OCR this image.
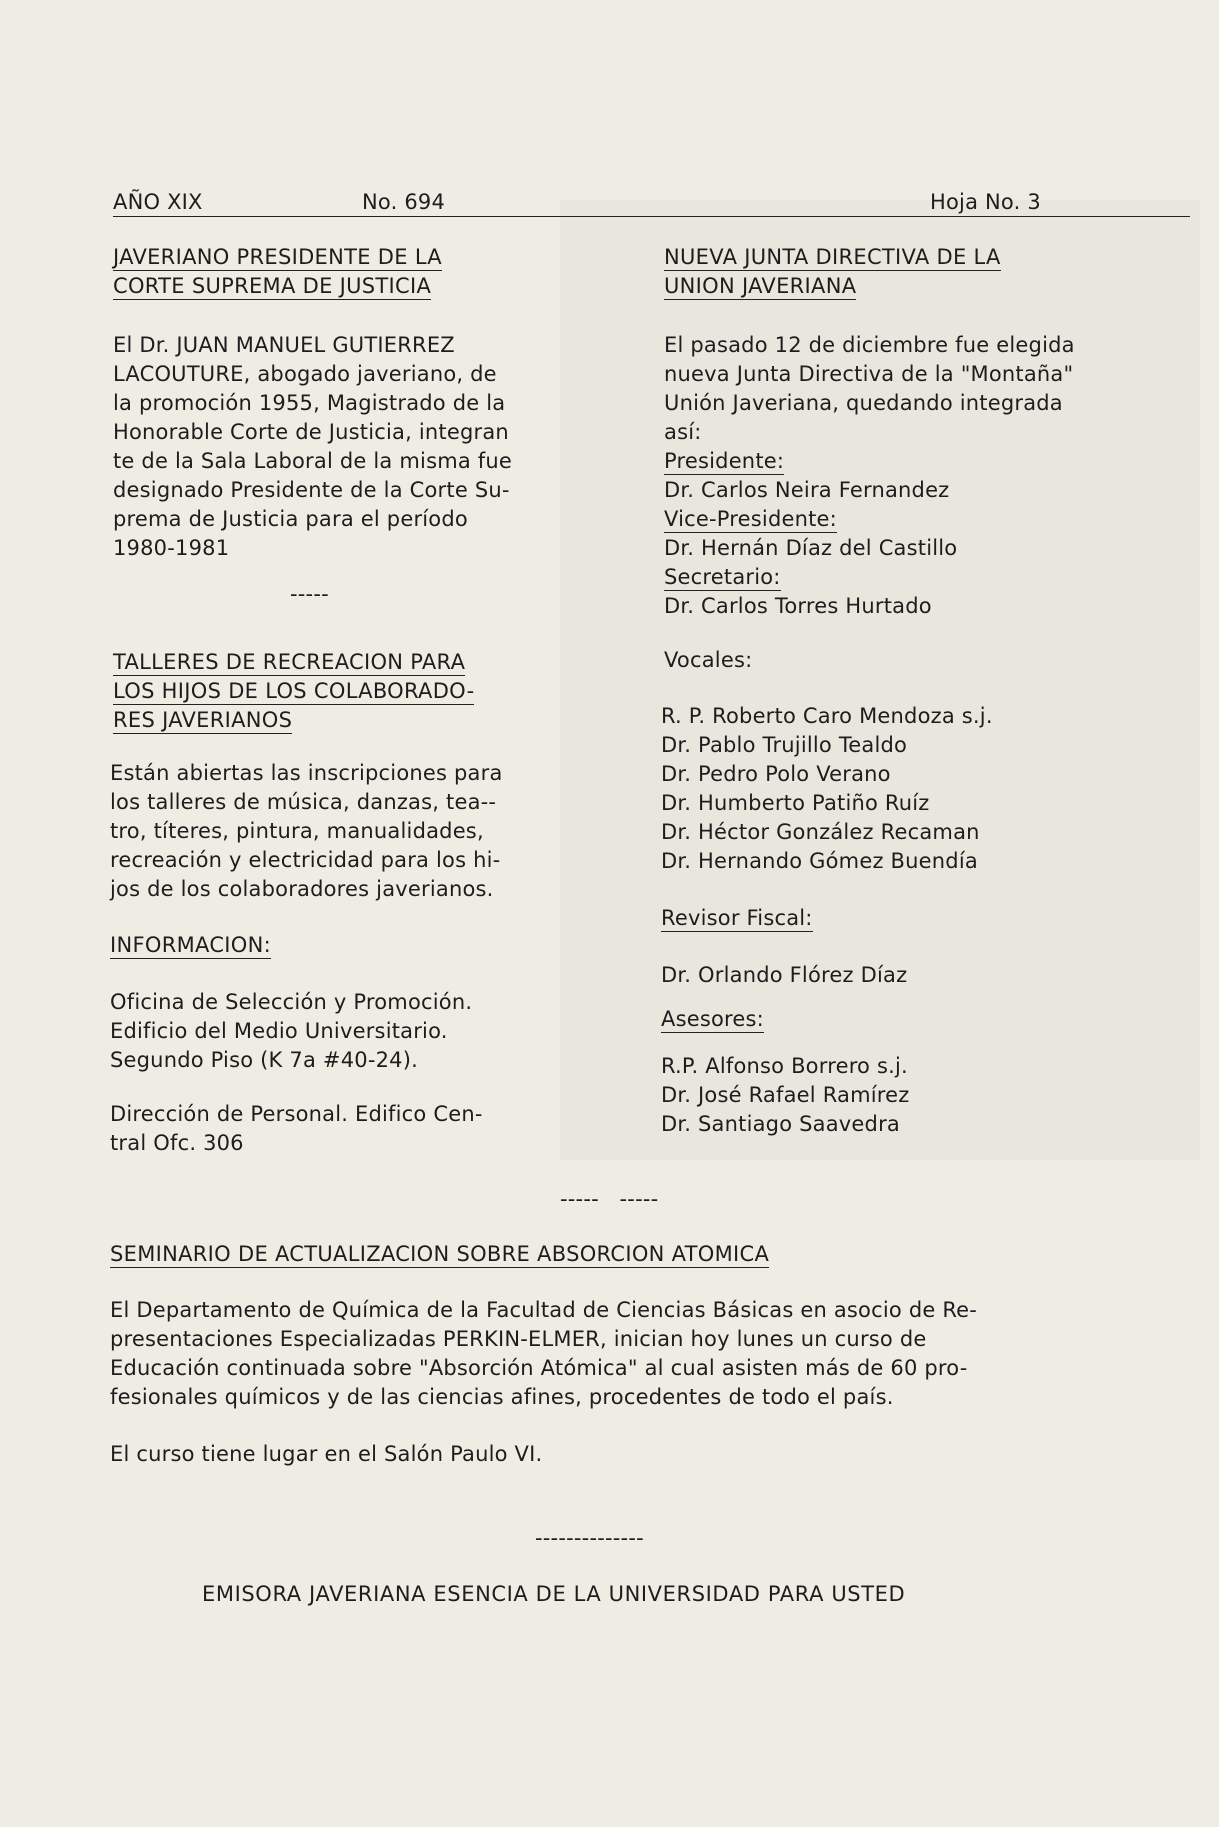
AÑO XIX	No. 694	Hoja No. 3
JAVERIANO PRESIDENTE DE LA
CORTE SUPREMA DE JUSTICIA
El Dr. JUAN MANUEL GUTIERREZ
LACOUTURE, abogado javeriano, de
la promoción 1955, Magistrado de la
Honorable Corte de Justicia, integran
te de la Sala Laboral de la misma fue
designado Presidente de la Corte Su-
prema de Justicia para el período
1980-1981
-----
TALLERES DE RECREACION PARA
LOS HIJOS DE LOS COLABORADO-
RES JAVERIANOS
Están abiertas las inscripciones para
los talleres de música, danzas, tea--
tro, títeres, pintura, manualidades,
recreación y electricidad para los hi-
jos de los colaboradores javerianos.
INFORMACION:
Oficina de Selección y Promoción.
Edificio del Medio Universitario.
Segundo Piso (K 7a #40-24).
Dirección de Personal. Edifico Cen-
tral Ofc. 306
NUEVA JUNTA DIRECTIVA DE LA
UNION JAVERIANA
El pasado 12 de diciembre fue elegida
nueva Junta Directiva de la "Montaña"
Unión Javeriana, quedando integrada
así:
Presidente:
Dr. Carlos Neira Fernandez
Vice-Presidente:
Dr. Hernán Díaz del Castillo
Secretario:
Dr. Carlos Torres Hurtado
Vocales:
R. P. Roberto Caro Mendoza s.j.
Dr. Pablo Trujillo Tealdo
Dr. Pedro Polo Verano
Dr. Humberto Patiño Ruíz
Dr. Héctor González Recaman
Dr. Hernando Gómez Buendía
Revisor Fiscal:
Dr. Orlando Flórez Díaz
Asesores:
R.P. Alfonso Borrero s.j.
Dr. José Rafael Ramírez
Dr. Santiago Saavedra
-----   -----
SEMINARIO DE ACTUALIZACION SOBRE ABSORCION ATOMICA
El Departamento de Química de la Facultad de Ciencias Básicas en asocio de Re-
presentaciones Especializadas PERKIN-ELMER, inician hoy lunes un curso de
Educación continuada sobre "Absorción Atómica" al cual asisten más de 60 pro-
fesionales químicos y de las ciencias afines, procedentes de todo el país.
El curso tiene lugar en el Salón Paulo VI.
--------------
EMISORA JAVERIANA ESENCIA DE LA UNIVERSIDAD PARA USTED
